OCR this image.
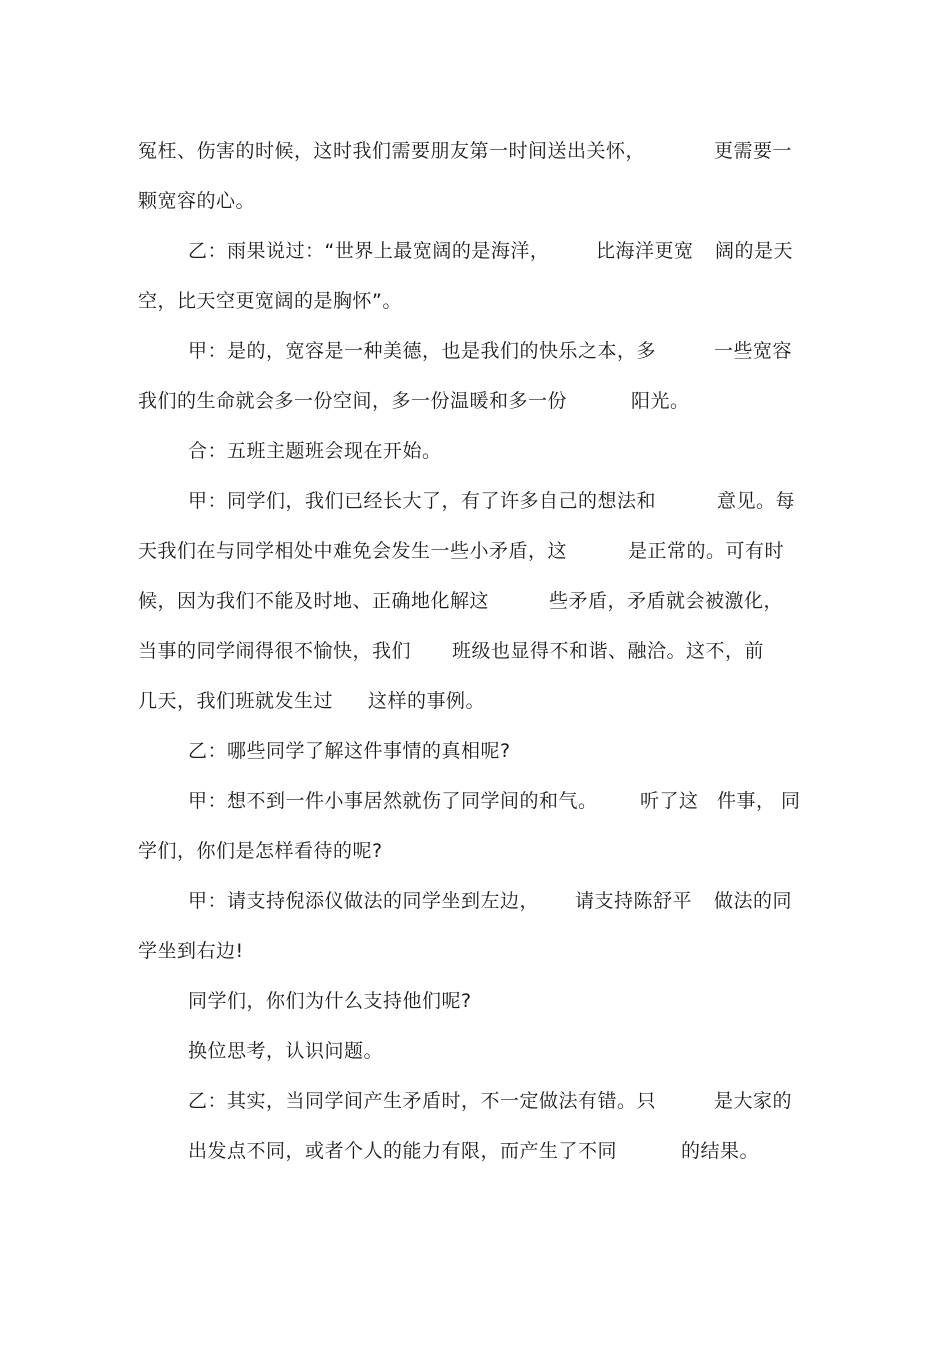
冤枉、伤害的时候，这时我们需要朋友第一时间送出关怀，

	更需要一

颗宽容的心。

乙：雨果说过：“世界上最宽阔的是海洋，

比海洋更宽

阔的是天

空，比天空更宽阔的是胸怀”。

甲：是的，宽容是一种美德，也是我们的快乐之本，多

	一些宽容

我们的生命就会多一份空间，多一份温暖和多一份

	阳光。

合：五班主题班会现在开始。

甲：同学们，我们已经长大了，有了许多自己的想法和

	意见。每

天我们在与同学相处中难免会发生一些小矛盾，这

	是正常的。可有时

候，因为我们不能及时地、正确地化解这

	些矛盾，矛盾就会被激化，

当事的同学闹得很不愉快，我们

班级也显得不和谐、融洽。这不，前

几天，我们班就发生过

这样的事例。

乙：哪些同学了解这件事情的真相呢?

甲：想不到一件小事居然就伤了同学间的和气。

听了这

件事，

同

学们，你们是怎样看待的呢?

甲：请支持倪添仪做法的同学坐到左边，

请支持陈舒平

做法的同

学坐到右边!

同学们，你们为什么支持他们呢?

换位思考，认识问题。

乙：其实，当同学间产生矛盾时，不一定做法有错。只

	是大家的

出发点不同，或者个人的能力有限，而产生了不同

	的结果。
